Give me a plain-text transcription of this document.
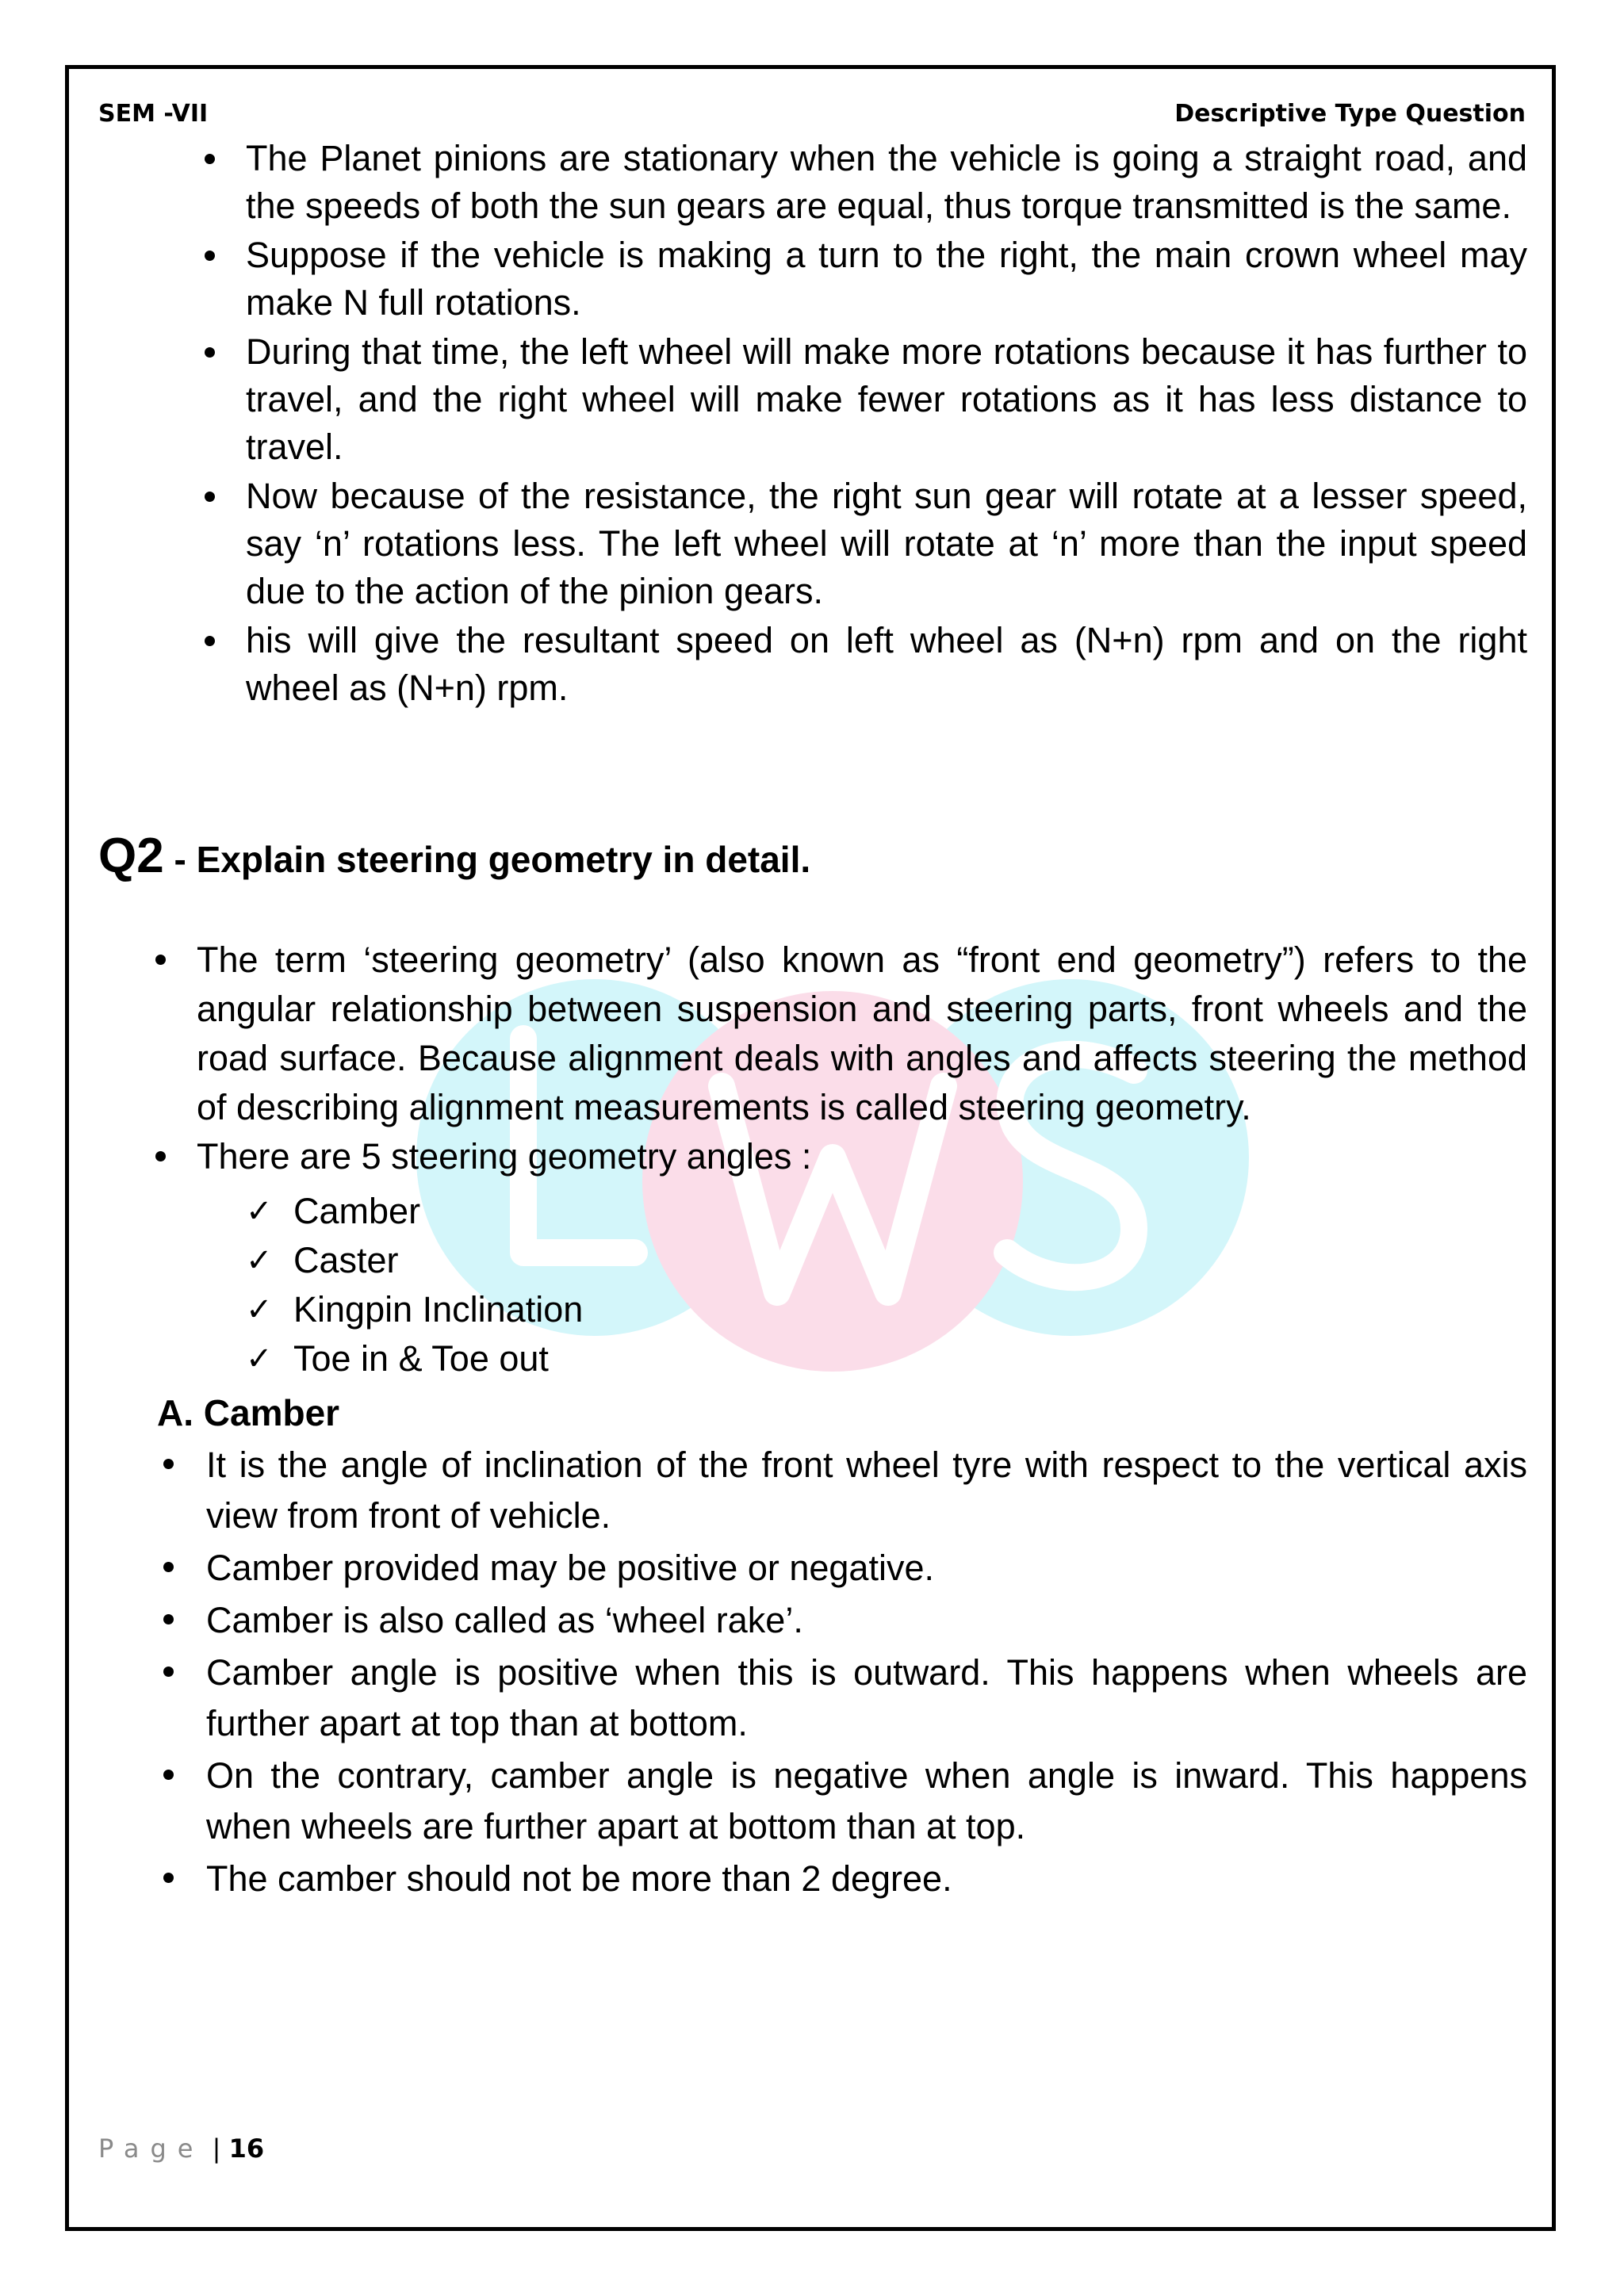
SEM -VII	Descriptive Type Question
The Planet pinions are stationary when the vehicle is going a straight road, and the speeds of both the sun gears are equal, thus torque transmitted is the same.
Suppose if the vehicle is making a turn to the right, the main crown wheel may make N full rotations.
During that time, the left wheel will make more rotations because it has further to travel, and the right wheel will make fewer rotations as it has less distance to travel.
Now because of the resistance, the right sun gear will rotate at a lesser speed, say ‘n’ rotations less. The left wheel will rotate at ‘n’ more than the input speed due to the action of the pinion gears.
his will give the resultant speed on left wheel as (N+n) rpm and on the right wheel as (N+n) rpm.
Q2 - Explain steering geometry in detail.
The term ‘steering geometry’ (also known as “front end geometry”) refers to the angular relationship between suspension and steering parts, front wheels and the road surface. Because alignment deals with angles and affects steering the method of describing alignment measurements is called steering geometry.
There are 5 steering geometry angles :
✓ Camber
✓ Caster
✓ Kingpin Inclination
✓ Toe in & Toe out
A. Camber
It is the angle of inclination of the front wheel tyre with respect to the vertical axis view from front of vehicle.
Camber provided may be positive or negative.
Camber is also called as ‘wheel rake’.
Camber angle is positive when this is outward. This happens when wheels are further apart at top than at bottom.
On the contrary, camber angle is negative when angle is inward. This happens when wheels are further apart at bottom than at top.
The camber should not be more than 2 degree.
Page | 16
